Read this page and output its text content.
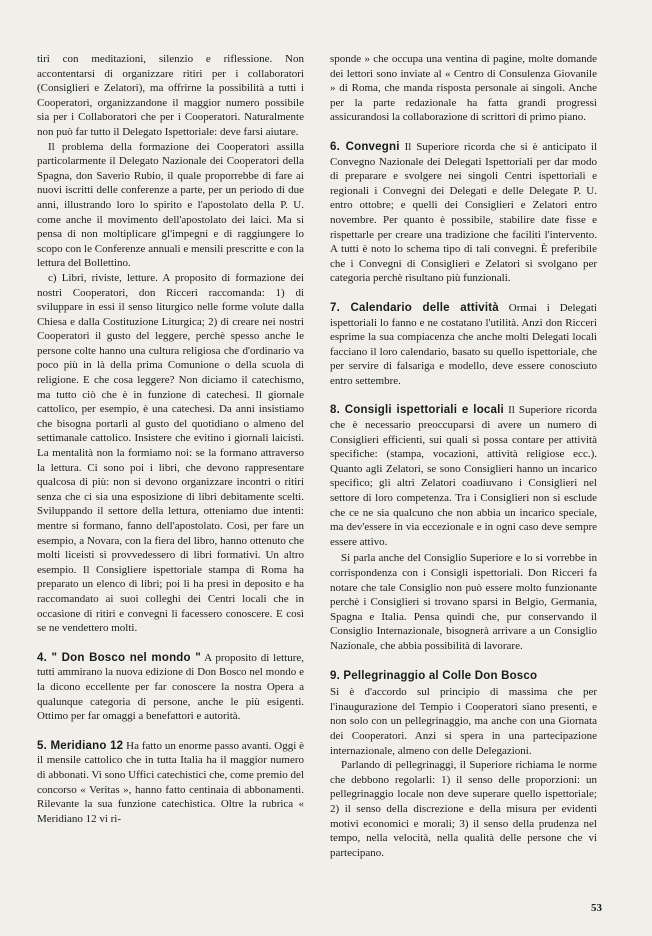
tiri con meditazioni, silenzio e riflessione. Non accontentarsi di organizzare ritiri per i collaboratori (Consiglieri e Zelatori), ma offrirne la possibilità a tutti i Cooperatori, organizzandone il maggior numero possibile sia per i Collaboratori che per i Cooperatori. Naturalmente non può far tutto il Delegato Ispettoriale: deve farsi aiutare.

Il problema della formazione dei Cooperatori assilla particolarmente il Delegato Nazionale dei Cooperatori della Spagna, don Saverio Rubio, il quale proporrebbe di fare ai nuovi iscritti delle conferenze a parte, per un periodo di due anni, illustrando loro lo spirito e l'apostolato della P. U. come anche il movimento dell'apostolato dei laici. Ma si pensa di non moltiplicare gl'impegni e di raggiungere lo scopo con le Conferenze annuali e mensili prescritte e con la lettura del Bollettino.

c) Libri, riviste, letture. A proposito di formazione dei nostri Cooperatori, don Ricceri raccomanda: 1) di sviluppare in essi il senso liturgico nelle forme volute dalla Chiesa e dalla Costituzione Liturgica; 2) di creare nei nostri Cooperatori il gusto del leggere, perchè spesso anche le persone colte hanno una cultura religiosa che d'ordinario va poco più in là della prima Comunione o della scuola di religione. E che cosa leggere? Non diciamo il catechismo, ma tutto ciò che è in funzione di catechesi. Il giornale cattolico, per esempio, è una catechesi. Da anni insistiamo che bisogna portarli al gusto del quotidiano o almeno del settimanale cattolico. Insistere che evitino i giornali laicisti. La mentalità non la formiamo noi: se la formano attraverso la lettura. Ci sono poi i libri, che devono rappresentare qualcosa di più: non si devono organizzare incontri o ritiri senza che ci sia una esposizione di libri debitamente scelti. Sviluppando il settore della lettura, otteniamo due intenti: mentre si formano, fanno dell'apostolato. Così, per fare un esempio, a Novara, con la fiera del libro, hanno ottenuto che molti liceisti si provvedessero di libri formativi. Un altro esempio. Il Consigliere ispettoriale stampa di Roma ha preparato un elenco di libri; poi li ha presi in deposito e ha raccomandato ai suoi colleghi dei Centri locali che in occasione di ritiri e convegni li facessero conoscere. E così se ne vendettero molti.

4. " Don Bosco nel mondo " A proposito di letture, tutti ammirano la nuova edizione di Don Bosco nel mondo e la dicono eccellente per far conoscere la nostra Opera a qualunque categoria di persone, anche le più esigenti. Ottimo per far omaggi a benefattori e autorità.
5. Meridiano 12 Ha fatto un enorme passo avanti. Oggi è il mensile cattolico che in tutta Italia ha il maggior numero di abbonati. Vi sono Uffici catechistici che, come premio del concorso « Veritas », hanno fatto centinaia di abbonamenti. Rilevante la sua funzione catechistica. Oltre la rubrica « Meridiano 12 vi ri-

sponde » che occupa una ventina di pagine, molte domande dei lettori sono inviate al « Centro di Consulenza Giovanile » di Roma, che manda risposta personale ai singoli. Anche per la parte redazionale ha fatta grandi progressi assicurandosi la collaborazione di scrittori di primo piano.

6. Convegni Il Superiore ricorda che si è anticipato il Convegno Nazionale dei Delegati Ispettoriali per dar modo di preparare e svolgere nei singoli Centri ispettoriali e regionali i Convegni dei Delegati e delle Delegate P. U. entro ottobre; e quelli dei Consiglieri e Zelatori entro novembre. Per quanto è possibile, stabilire date fisse e rispettarle per creare una tradizione che faciliti l'intervento. A tutti è noto lo schema tipo di tali convegni. È preferibile che i Convegni di Consiglieri e Zelatori si svolgano per categoria perchè risultano più funzionali.
7. Calendario delle attività Ormai i Delegati ispettoriali lo fanno e ne costatano l'utilità. Anzi don Ricceri esprime la sua compiacenza che anche molti Delegati locali facciano il loro calendario, basato su quello ispettoriale, che per servire di falsariga e modello, deve essere conosciuto entro settembre.
8. Consigli ispettoriali e locali Il Superiore ricorda che è necessario preoccuparsi di avere un numero di Consiglieri efficienti, sui quali si possa contare per attività specifiche: (stampa, vocazioni, attività religiose ecc.). Quanto agli Zelatori, se sono Consiglieri hanno un incarico specifico; gli altri Zelatori coadiuvano i Consiglieri nel settore di loro competenza. Tra i Consiglieri non si esclude che ce ne sia qualcuno che non abbia un incarico speciale, ma dev'essere in via eccezionale e in ogni caso deve sempre essere attivo.

Si parla anche del Consiglio Superiore e lo si vorrebbe in corrispondenza con i Consigli ispettoriali. Don Ricceri fa notare che tale Consiglio non può essere molto funzionante perchè i Consiglieri si trovano sparsi in Belgio, Germania, Spagna e Italia. Pensa quindi che, pur conservando il Consiglio Internazionale, bisognerà arrivare a un Consiglio Nazionale, che abbia possibilità di lavorare.

9. Pellegrinaggio al Colle Don Bosco

Si è d'accordo sul principio di massima che per l'inaugurazione del Tempio i Cooperatori siano presenti, e non solo con un pellegrinaggio, ma anche con una Giornata dei Cooperatori. Anzi si spera in una partecipazione internazionale, almeno con delle Delegazioni.

Parlando di pellegrinaggi, il Superiore richiama le norme che debbono regolarli: 1) il senso delle proporzioni: un pellegrinaggio locale non deve superare quello ispettoriale; 2) il senso della discrezione e della misura per evidenti motivi economici e morali; 3) il senso della prudenza nel tempo, nella velocità, nella qualità delle persone che vi partecipano.

53
